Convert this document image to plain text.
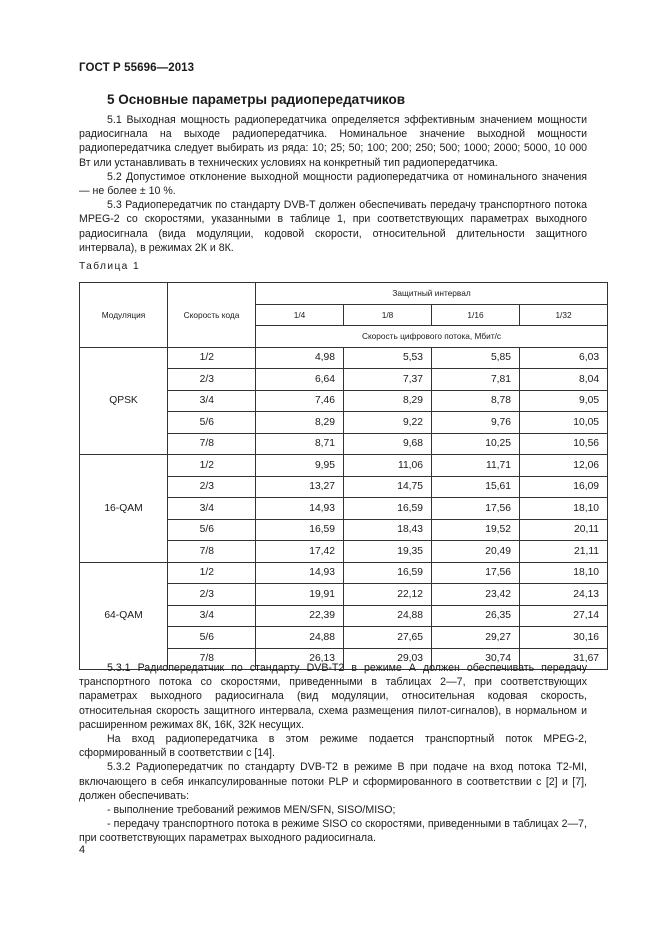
ГОСТ Р 55696—2013
5 Основные параметры радиопередатчиков

5.1 Выходная мощность радиопередатчика определяется эффективным значением мощности радиосигнала на выходе радиопередатчика. Номинальное значение выходной мощности радиопередатчика следует выбирать из ряда: 10; 25; 50; 100; 200; 250; 500; 1000; 2000; 5000, 10 000 Вт или устанавливать в технических условиях на конкретный тип радиопередатчика.

5.2 Допустимое отклонение выходной мощности радиопередатчика от номинального значения — не более ± 10 %.

5.3 Радиопередатчик по стандарту DVB-T должен обеспечивать передачу транспортного потока MPEG-2 со скоростями, указанными в таблице 1, при соответствующих параметрах выходного радиосигнала (вида модуляции, кодовой скорости, относительной длительности защитного интервала), в режимах 2К и 8К.

Таблица 1
Модуляция	Скорость кода	Защитный интервал			
		1/4	1/8	1/16	1/32
		Скорость цифрового потока, Мбит/с			
QPSK	1/2	4,98	5,53	5,85	6,03
	2/3	6,64	7,37	7,81	8,04
	3/4	7,46	8,29	8,78	9,05
	5/6	8,29	9,22	9,76	10,05
	7/8	8,71	9,68	10,25	10,56
16-QAM	1/2	9,95	11,06	11,71	12,06
	2/3	13,27	14,75	15,61	16,09
	3/4	14,93	16,59	17,56	18,10
	5/6	16,59	18,43	19,52	20,11
	7/8	17,42	19,35	20,49	21,11
64-QAM	1/2	14,93	16,59	17,56	18,10
	2/3	19,91	22,12	23,42	24,13
	3/4	22,39	24,88	26,35	27,14
	5/6	24,88	27,65	29,27	30,16
	7/8	26,13	29,03	30,74	31,67

5.3.1 Радиопередатчик по стандарту DVB-T2 в режиме А должен обеспечивать передачу транспортного потока со скоростями, приведенными в таблицах 2—7, при соответствующих параметрах выходного радиосигнала (вид модуляции, относительная кодовая скорость, относительная скорость защитного интервала, схема размещения пилот-сигналов), в нормальном и расширенном режимах 8К, 16К, 32К несущих.

На вход радиопередатчика в этом режиме подается транспортный поток MPEG-2, сформированный в соответствии с [14].

5.3.2 Радиопередатчик по стандарту DVB-T2 в режиме В при подаче на вход потока T2-MI, включающего в себя инкапсулированные потоки PLP и сформированного в соответствии с [2] и [7], должен обеспечивать:

- выполнение требований режимов MEN/SFN, SISO/MISO;

- передачу транспортного потока в режиме SISO со скоростями, приведенными в таблицах 2—7, при соответствующих параметрах выходного радиосигнала.

4
